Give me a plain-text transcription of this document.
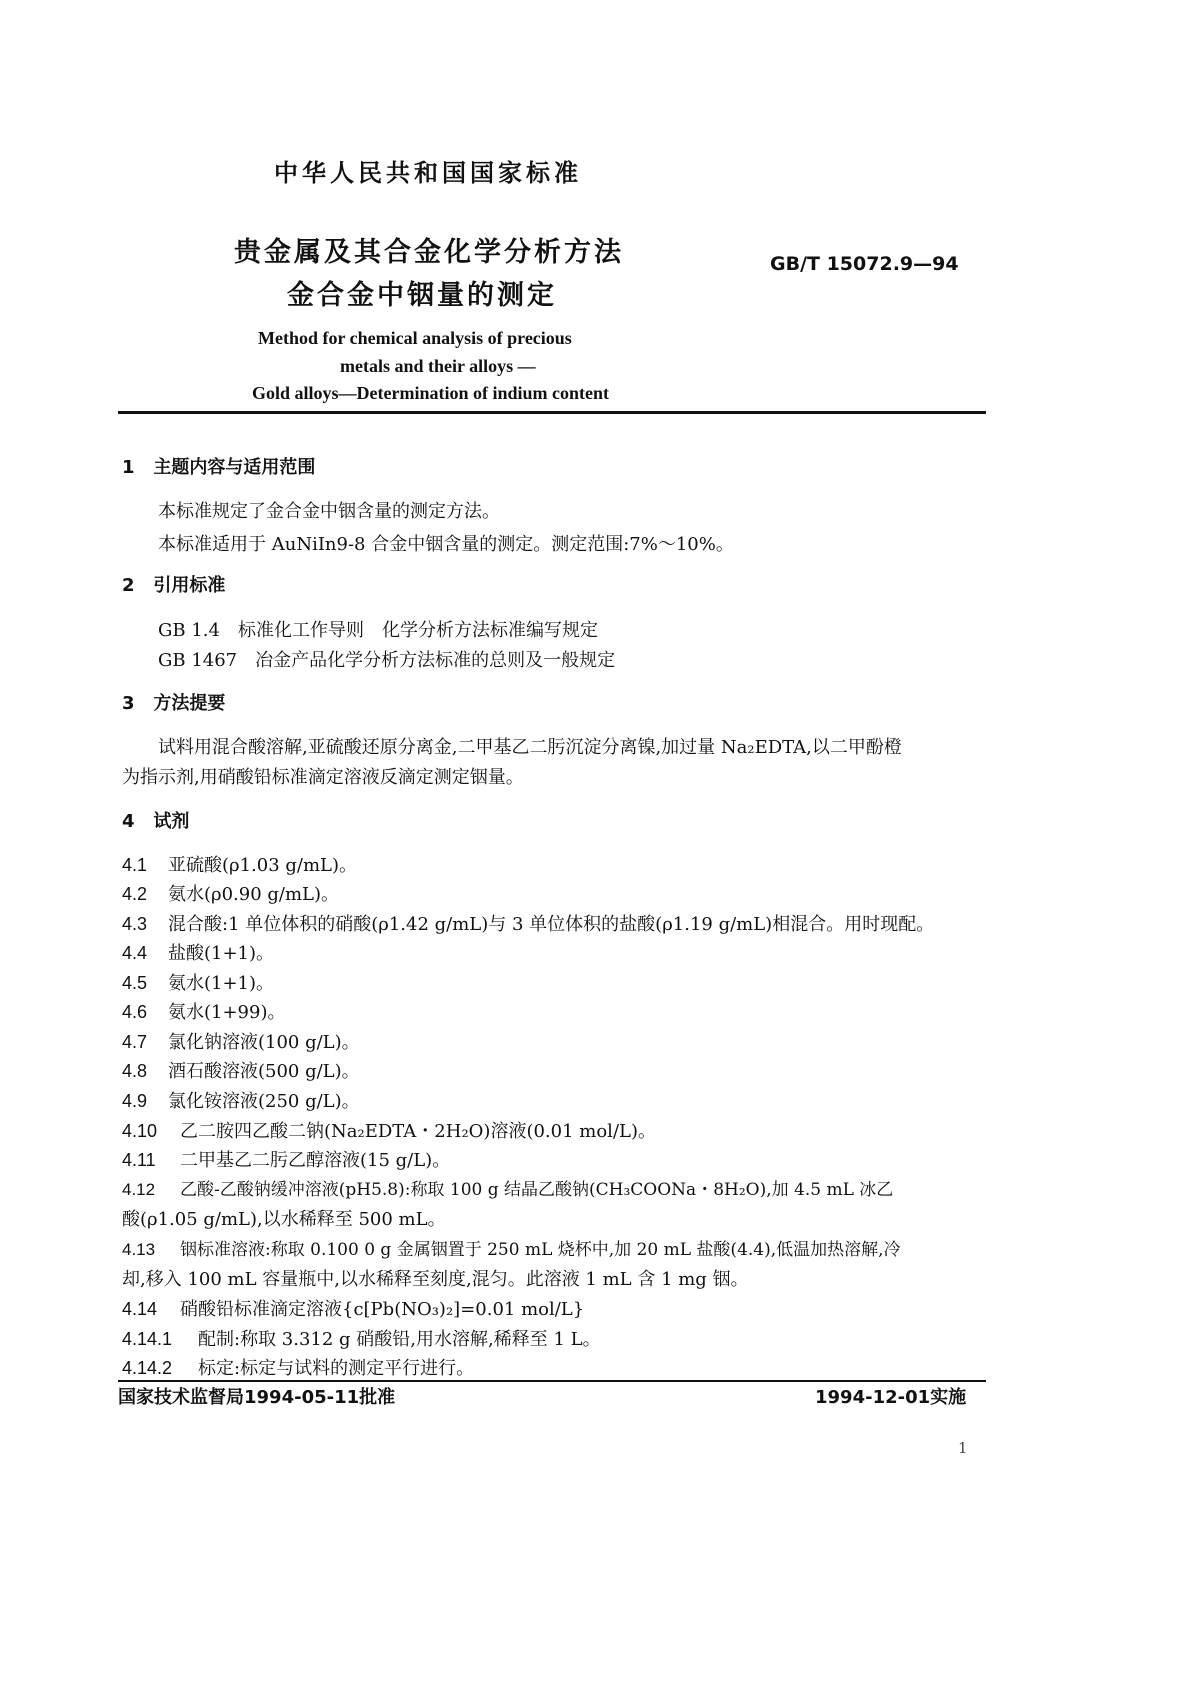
中华人民共和国国家标准
贵金属及其合金化学分析方法
金合金中铟量的测定
GB/T 15072.9—94
Method for chemical analysis of precious
metals and their alloys —
Gold alloys—Determination of indium content
1 主题内容与适用范围
本标准规定了金合金中铟含量的测定方法。
本标准适用于 AuNiIn9-8 合金中铟含量的测定。测定范围:7%～10%。
2 引用标准
GB 1.4　标准化工作导则　化学分析方法标准编写规定
GB 1467　冶金产品化学分析方法标准的总则及一般规定
3 方法提要
试料用混合酸溶解,亚硫酸还原分离金,二甲基乙二肟沉淀分离镍,加过量 Na₂EDTA,以二甲酚橙
为指示剂,用硝酸铅标准滴定溶液反滴定测定铟量。
4 试剂
4.1 亚硫酸(ρ1.03 g/mL)。
4.2 氨水(ρ0.90 g/mL)。
4.3 混合酸:1 单位体积的硝酸(ρ1.42 g/mL)与 3 单位体积的盐酸(ρ1.19 g/mL)相混合。用时现配。
4.4 盐酸(1+1)。
4.5 氨水(1+1)。
4.6 氨水(1+99)。
4.7 氯化钠溶液(100 g/L)。
4.8 酒石酸溶液(500 g/L)。
4.9 氯化铵溶液(250 g/L)。
4.10 乙二胺四乙酸二钠(Na₂EDTA・2H₂O)溶液(0.01 mol/L)。
4.11 二甲基乙二肟乙醇溶液(15 g/L)。
4.12 乙酸-乙酸钠缓冲溶液(pH5.8):称取 100 g 结晶乙酸钠(CH₃COONa・8H₂O),加 4.5 mL 冰乙
酸(ρ1.05 g/mL),以水稀释至 500 mL。
4.13 铟标准溶液:称取 0.100 0 g 金属铟置于 250 mL 烧杯中,加 20 mL 盐酸(4.4),低温加热溶解,冷
却,移入 100 mL 容量瓶中,以水稀释至刻度,混匀。此溶液 1 mL 含 1 mg 铟。
4.14 硝酸铅标准滴定溶液{c[Pb(NO₃)₂]=0.01 mol/L}
4.14.1 配制:称取 3.312 g 硝酸铅,用水溶解,稀释至 1 L。
4.14.2 标定:标定与试料的测定平行进行。
国家技术监督局1994-05-11批准	1994-12-01实施
1
